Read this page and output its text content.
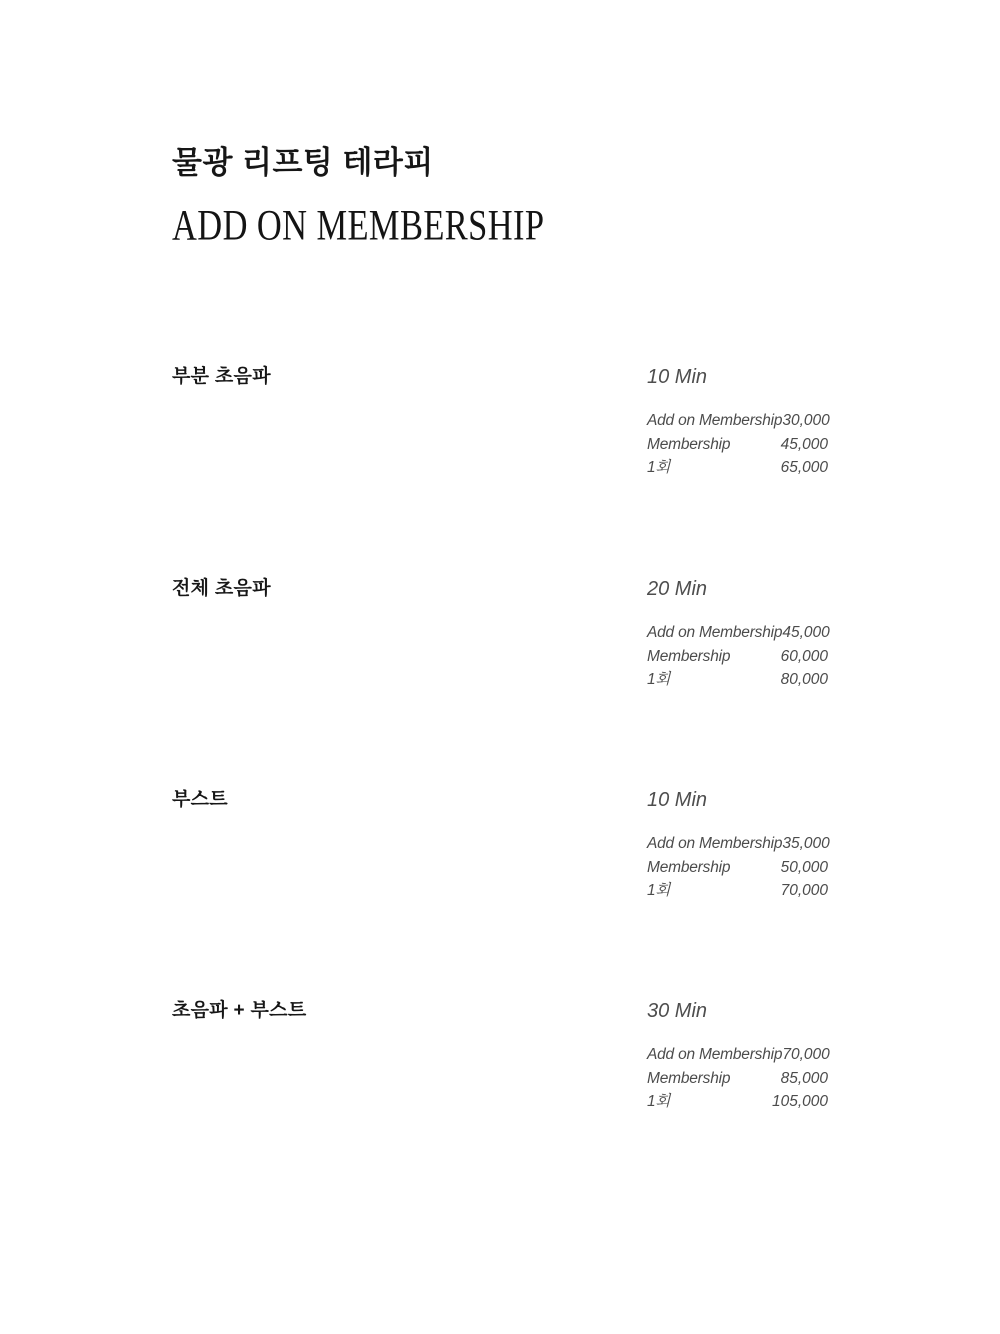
물광 리프팅 테라피
ADD ON MEMBERSHIP
부분 초음파	10 Min
Add on Membership 30,000
Membership	45,000
1회	65,000
전체 초음파	20 Min
Add on Membership 45,000
Membership	60,000
1회	80,000
부스트	10 Min
Add on Membership 35,000
Membership	50,000
1회	70,000
초음파 + 부스트	30 Min
Add on Membership 70,000
Membership	85,000
1회	105,000
